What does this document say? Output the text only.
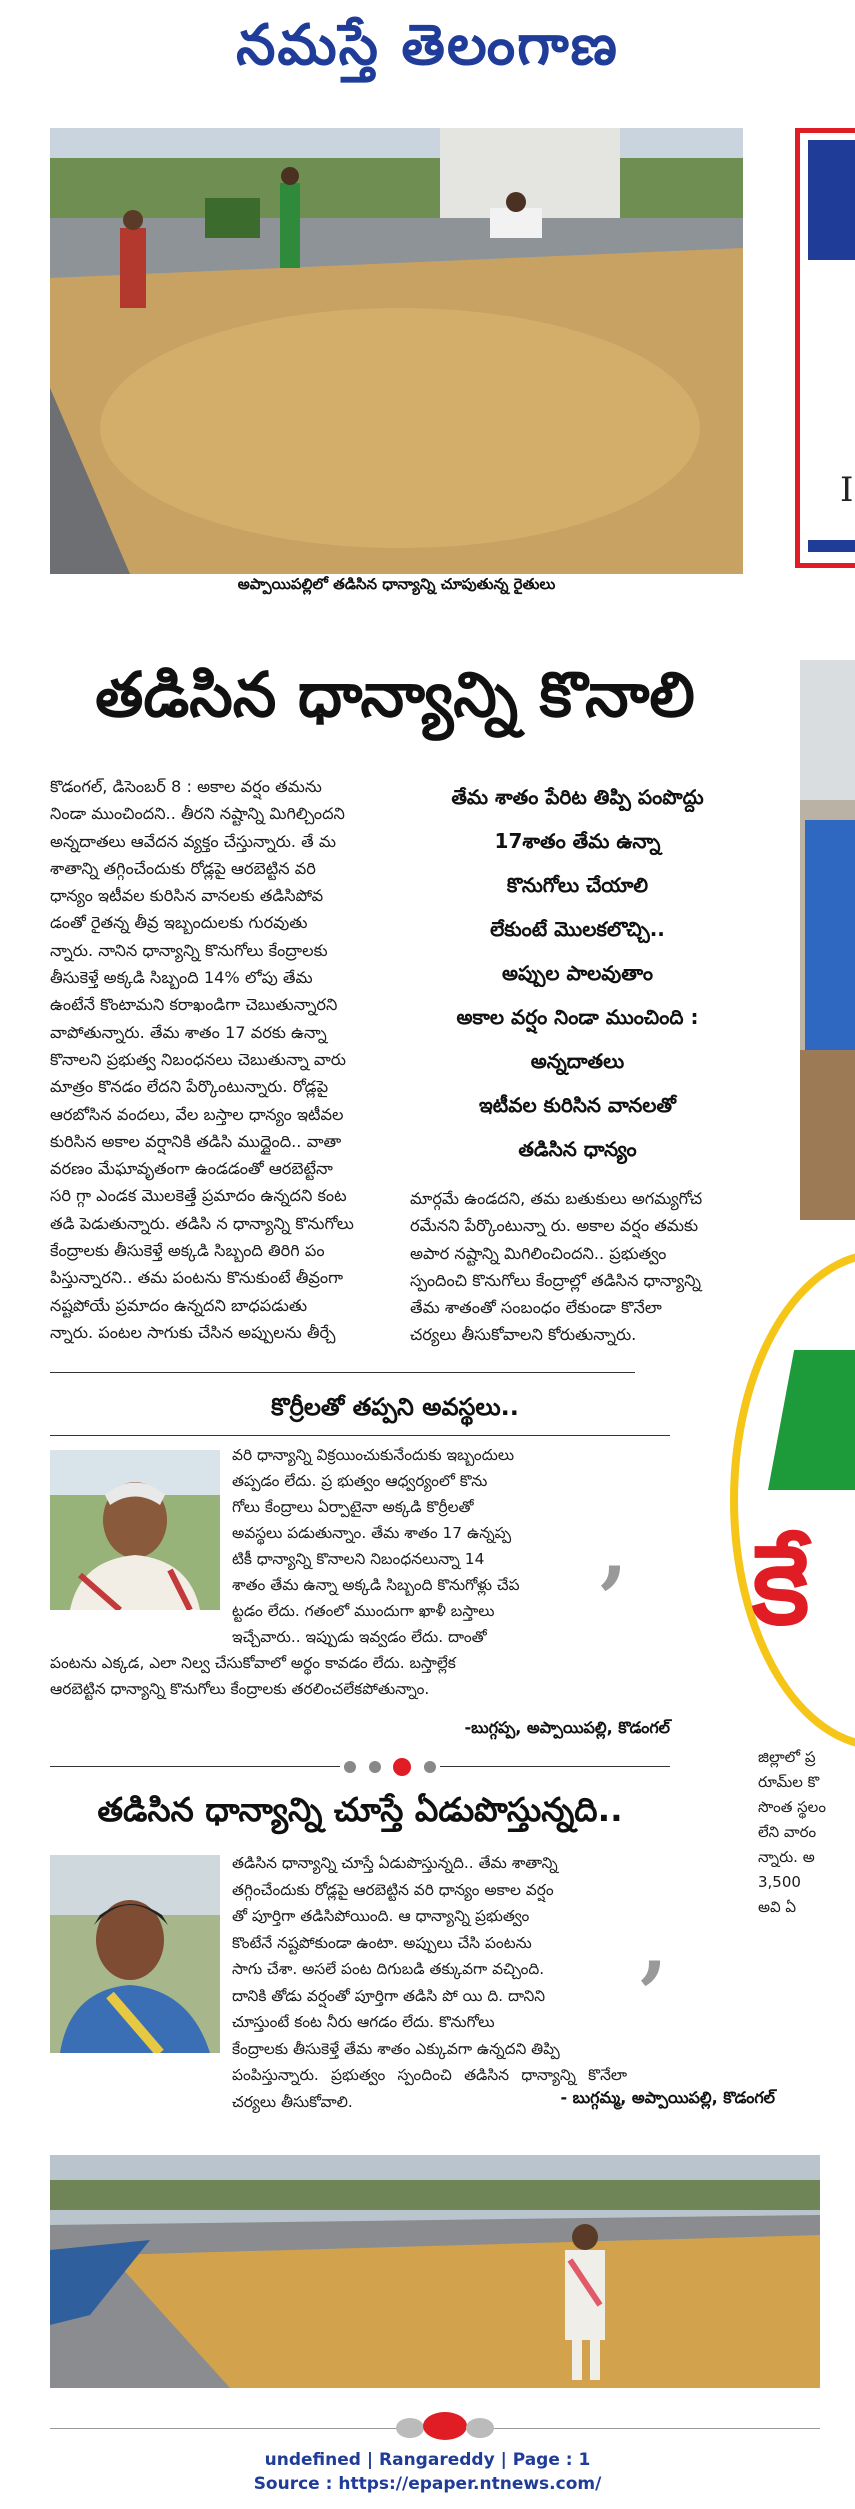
నమస్తే తెలంగాణ
అప్పాయిపల్లిలో తడిసిన ధాన్యాన్ని చూపుతున్న రైతులు
తడిసిన ధాన్యాన్ని కొనాలి
కొడంగల్, డిసెంబర్ 8 : అకాల వర్షం తమను
నిండా ముంచిందని.. తీరని నష్టాన్ని మిగిల్చిందని
అన్నదాతలు ఆవేదన వ్యక్తం చేస్తున్నారు. తే మ
శాతాన్ని తగ్గించేందుకు రోడ్లపై ఆరబెట్టిన వరి
ధాన్యం ఇటీవల కురిసిన వానలకు తడిసిపోవ
డంతో రైతన్న తీవ్ర ఇబ్బందులకు గురవుతు
న్నారు. నానిన ధాన్యాన్ని కొనుగోలు కేంద్రాలకు
తీసుకెళ్తే అక్కడి సిబ్బంది 14% లోపు తేమ
ఉంటేనే కొంటామని కరాఖండిగా చెబుతున్నారని
వాపోతున్నారు. తేమ శాతం 17 వరకు ఉన్నా
కొనాలని ప్రభుత్వ నిబంధనలు చెబుతున్నా వారు
మాత్రం కొనడం లేదని పేర్కొంటున్నారు. రోడ్లపై
ఆరబోసిన వందలు, వేల బస్తాల ధాన్యం ఇటీవల
కురిసిన అకాల వర్షానికి తడిసి ముద్దైంది.. వాతా
వరణం మేఘావృతంగా ఉండడంతో ఆరబెట్టేనా
సరి గ్గా ఎండక మొలకెత్తే ప్రమాదం ఉన్నదని కంట
తడి పెడుతున్నారు. తడిసి న ధాన్యాన్ని కొనుగోలు
కేంద్రాలకు తీసుకెళ్తే అక్కడి సిబ్బంది తిరిగి పం
పిస్తున్నారని.. తమ పంటను కొనుకుంటే తీవ్రంగా
నష్టపోయే ప్రమాదం ఉన్నదని బాధపడుతు
న్నారు. పంటల సాగుకు చేసిన అప్పులను తీర్చే
తేమ శాతం పేరిట తిప్పి పంపొద్దు
17శాతం తేమ ఉన్నా
కొనుగోలు చేయాలి
లేకుంటే మొలకలొచ్చి..
అప్పుల పాలవుతాం
అకాల వర్షం నిండా ముంచింది :
అన్నదాతలు
ఇటీవల కురిసిన వానలతో
తడిసిన ధాన్యం
మార్గమే ఉండదని, తమ బతుకులు అగమ్యగోచ
రమేనని పేర్కొంటున్నా రు. అకాల వర్షం తమకు
అపార నష్టాన్ని మిగిలించిందని.. ప్రభుత్వం
స్పందించి కొనుగోలు కేంద్రాల్లో తడిసిన ధాన్యాన్ని
తేమ శాతంతో సంబంధం లేకుండా కొనేలా
చర్యలు తీసుకోవాలని కోరుతున్నారు.
కొర్రీలతో తప్పని అవస్థలు..
వరి ధాన్యాన్ని విక్రయించుకునేందుకు ఇబ్బందులు
తప్పడం లేదు. ప్ర భుత్వం ఆధ్వర్యంలో కొను
గోలు కేంద్రాలు ఏర్పాటైనా అక్కడి కొర్రీలతో
అవస్థలు పడుతున్నాం. తేమ శాతం 17 ఉన్నప్ప
టికీ ధాన్యాన్ని కొనాలని నిబంధనలున్నా 14
శాతం తేమ ఉన్నా అక్కడి సిబ్బంది కొనుగోళ్లు చేప
ట్టడం లేదు. గతంలో ముందుగా ఖాళీ బస్తాలు
ఇచ్చేవారు.. ఇప్పుడు ఇవ్వడం లేదు. దాంతో
,
పంటను ఎక్కడ, ఎలా నిల్వ చేసుకోవాలో అర్థం కావడం లేదు. బస్తాల్లేక
ఆరబెట్టిన ధాన్యాన్ని కొనుగోలు కేంద్రాలకు తరలించలేకపోతున్నాం.
-బుగ్గప్ప, అప్పాయిపల్లి, కొడంగల్
తడిసిన ధాన్యాన్ని చూస్తే ఏడుపొస్తున్నది..
తడిసిన ధాన్యాన్ని చూస్తే ఏడుపొస్తున్నది.. తేమ శాతాన్ని
తగ్గించేందుకు రోడ్లపై ఆరబెట్టిన వరి ధాన్యం అకాల వర్షం
తో పూర్తిగా తడిసిపోయింది. ఆ ధాన్యాన్ని ప్రభుత్వం
కొంటేనే నష్టపోకుండా ఉంటా. అప్పులు చేసి పంటను
సాగు చేశా. అసలే పంట దిగుబడి తక్కువగా వచ్చింది.
దానికి తోడు వర్షంతో పూర్తిగా తడిసి పో యి ది. దానిని
చూస్తుంటే కంట నీరు ఆగడం లేదు. కొనుగోలు
కేంద్రాలకు తీసుకెళ్తే తేమ శాతం ఎక్కువగా ఉన్నదని తిప్పి
పంపిస్తున్నారు. ప్రభుత్వం స్పందించి తడిసిన ధాన్యాన్ని కొనేలా చర్యలు తీసుకోవాలి.
,
- బుగ్గమ్మ, అప్పాయిపల్లి, కొడంగల్
I
కే
జిల్లాలో ప్ర
రూమ్‌ల కొ
సొంత స్థలం
లేని వారం
న్నారు. అ
3,500
అవి ఏ
undefined | Rangareddy | Page : 1
Source : https://epaper.ntnews.com/
